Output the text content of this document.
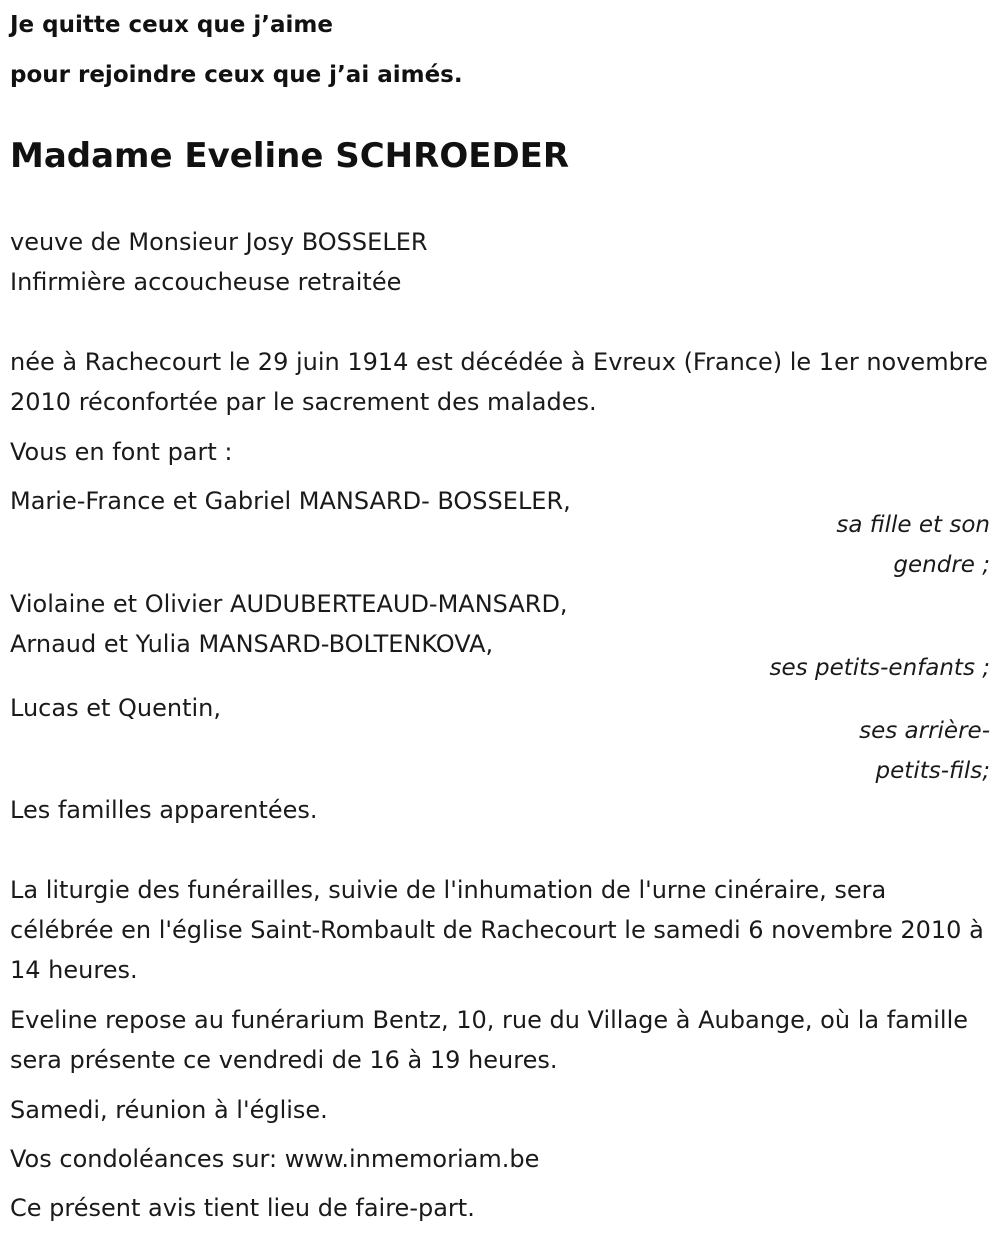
Je quitte ceux que j’aime

pour rejoindre ceux que j’ai aimés.

Madame Eveline SCHROEDER

veuve de Monsieur Josy BOSSELER

Infirmière accoucheuse retraitée

née à Rachecourt le 29 juin 1914 est décédée à Evreux (France) le 1er novembre 2010 réconfortée par le sacrement des malades.

Vous en font part :

Marie-France et Gabriel MANSARD- BOSSELER,

sa fille et son

gendre ;

Violaine et Olivier AUDUBERTEAUD-MANSARD,

Arnaud et Yulia MANSARD-BOLTENKOVA,

ses petits-enfants ;

Lucas et Quentin,

ses arrière-

petits-fils;

Les familles apparentées.

La liturgie des funérailles, suivie de l'inhumation de l'urne cinéraire, sera célébrée en l'église Saint-Rombault de Rachecourt le samedi 6 novembre 2010 à 14 heures.

Eveline repose au funérarium Bentz, 10, rue du Village à Aubange, où la famille sera présente ce vendredi de 16 à 19 heures.

Samedi, réunion à l'église.

Vos condoléances sur: www.inmemoriam.be

Ce présent avis tient lieu de faire-part.
